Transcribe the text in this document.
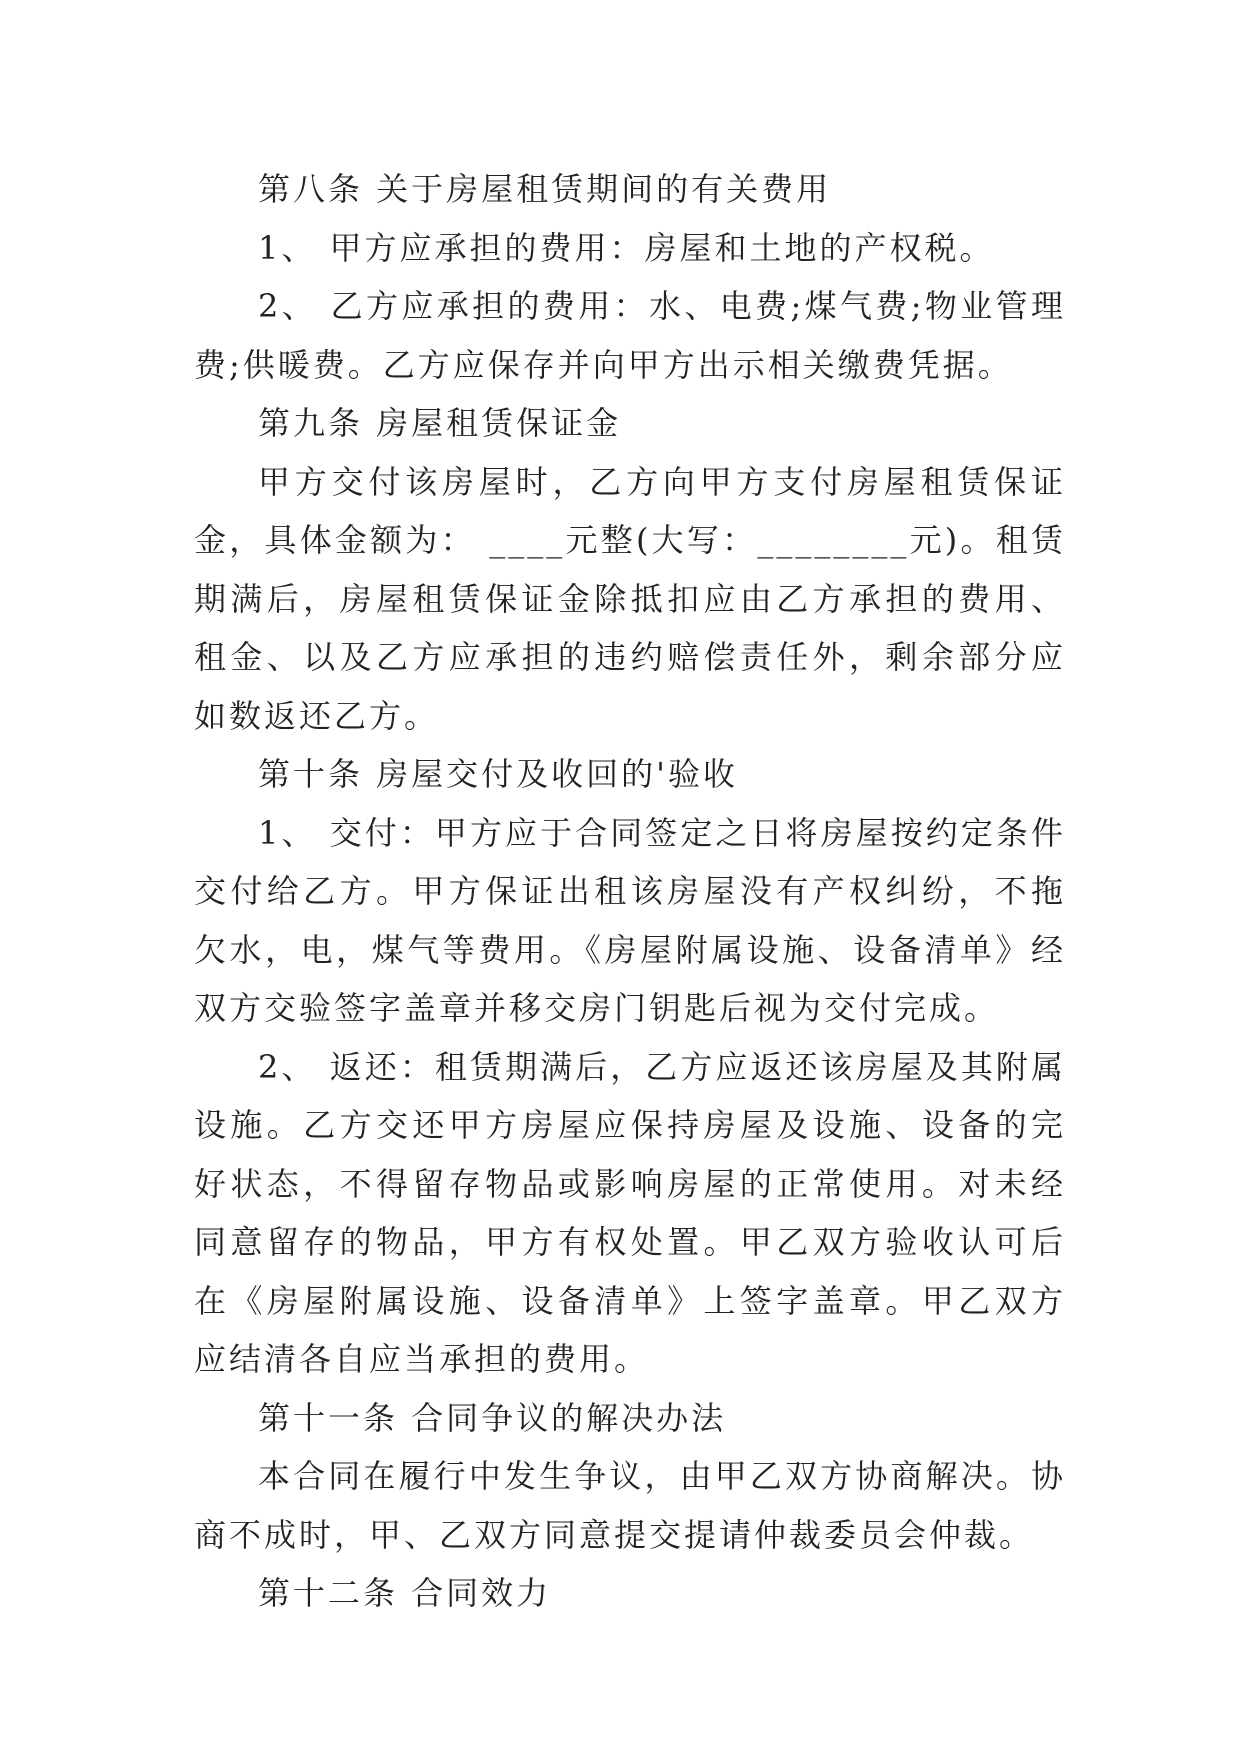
第八条 关于房屋租赁期间的有关费用

1、 甲方应承担的费用：房屋和土地的产权税。

2、 乙方应承担的费用：水、电费;煤气费;物业管理费;供暖费。乙方应保存并向甲方出示相关缴费凭据。

第九条 房屋租赁保证金

甲方交付该房屋时，乙方向甲方支付房屋租赁保证金，具体金额为： ____元整(大写：________元)。租赁期满后，房屋租赁保证金除抵扣应由乙方承担的费用、租金、以及乙方应承担的违约赔偿责任外，剩余部分应如数返还乙方。

第十条 房屋交付及收回的'验收

1、 交付：甲方应于合同签定之日将房屋按约定条件交付给乙方。甲方保证出租该房屋没有产权纠纷，不拖欠水，电，煤气等费用。《房屋附属设施、设备清单》经双方交验签字盖章并移交房门钥匙后视为交付完成。

2、 返还：租赁期满后，乙方应返还该房屋及其附属设施。乙方交还甲方房屋应保持房屋及设施、设备的完好状态，不得留存物品或影响房屋的正常使用。对未经同意留存的物品，甲方有权处置。甲乙双方验收认可后在《房屋附属设施、设备清单》上签字盖章。甲乙双方应结清各自应当承担的费用。

第十一条 合同争议的解决办法

本合同在履行中发生争议，由甲乙双方协商解决。协商不成时，甲、乙双方同意提交提请仲裁委员会仲裁。

第十二条 合同效力
